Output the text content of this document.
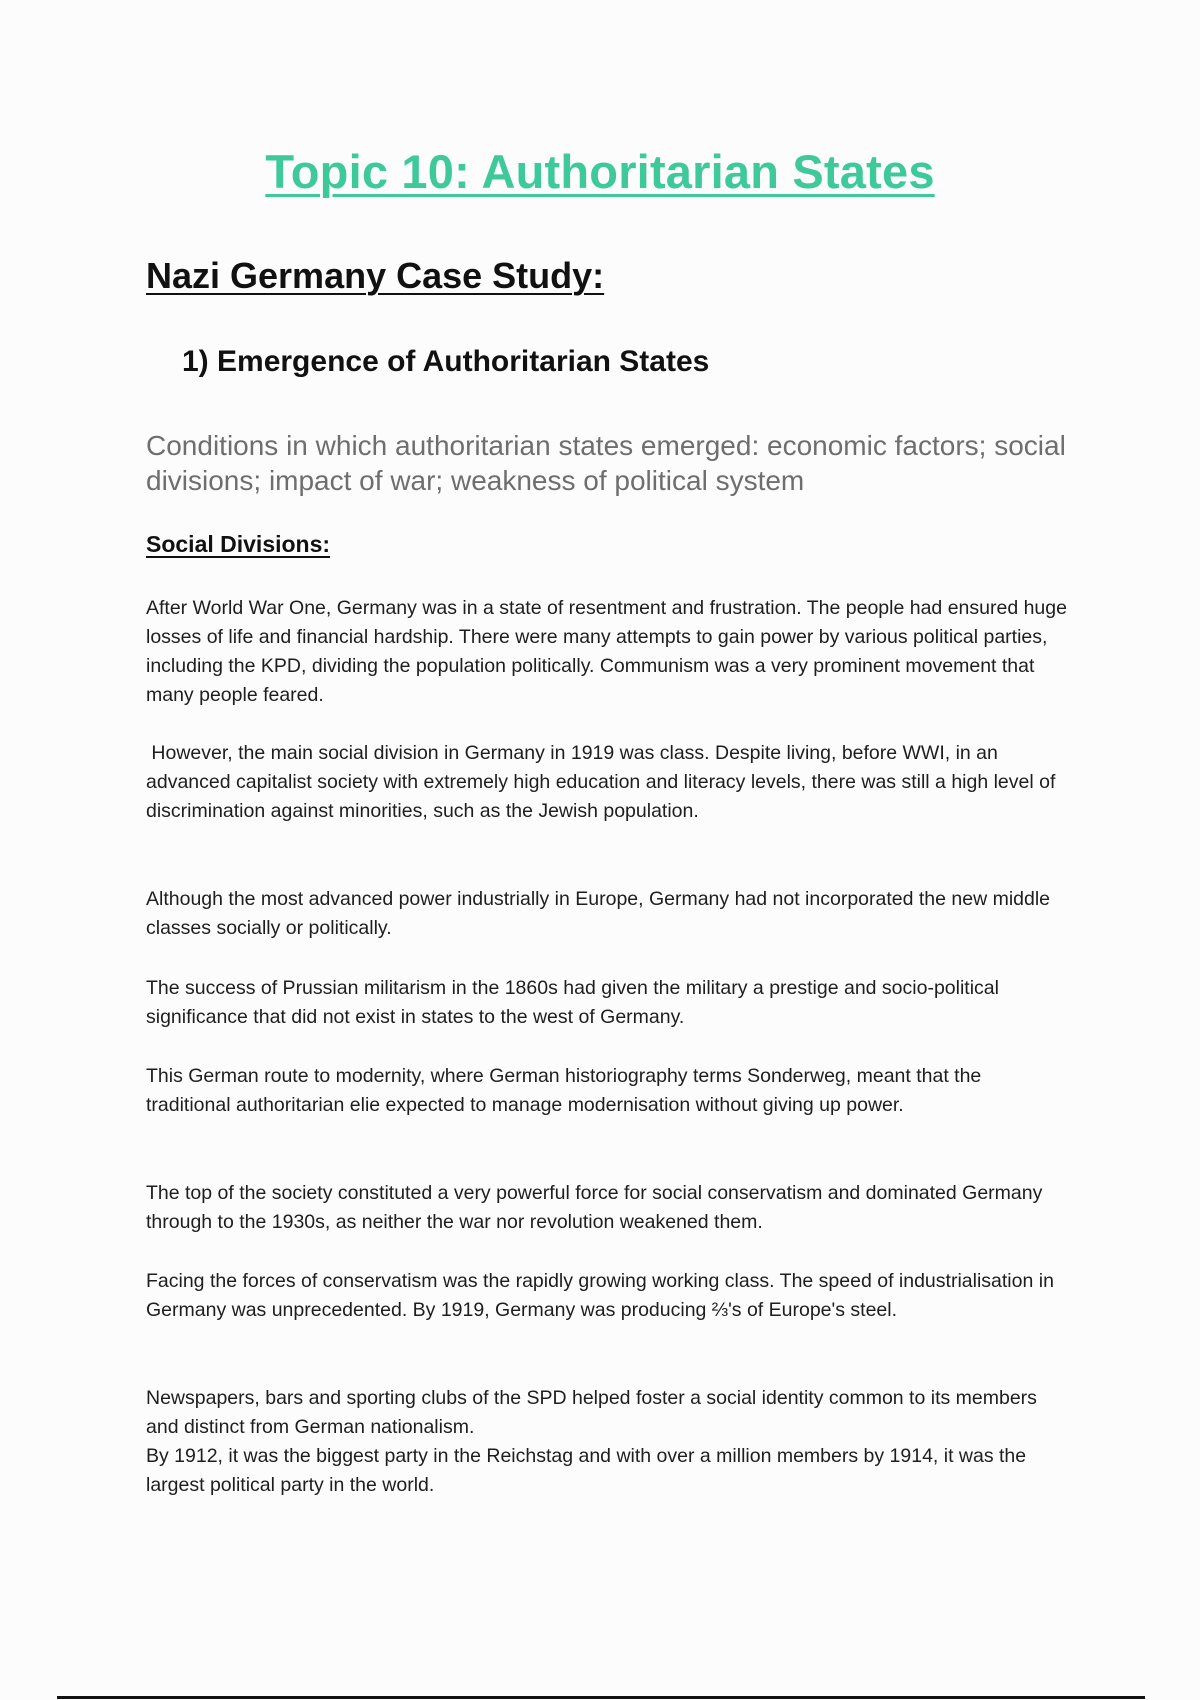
Topic 10: Authoritarian States
Nazi Germany Case Study:
1) Emergence of Authoritarian States

Conditions in which authoritarian states emerged: economic factors; social divisions; impact of war; weakness of political system

Social Divisions:

After World War One, Germany was in a state of resentment and frustration. The people had ensured huge losses of life and financial hardship. There were many attempts to gain power by various political parties, including the KPD, dividing the population politically. Communism was a very prominent movement that many people feared.

However, the main social division in Germany in 1919 was class. Despite living, before WWI, in an advanced capitalist society with extremely high education and literacy levels, there was still a high level of discrimination against minorities, such as the Jewish population.

Although the most advanced power industrially in Europe, Germany had not incorporated the new middle classes socially or politically.

The success of Prussian militarism in the 1860s had given the military a prestige and socio-political significance that did not exist in states to the west of Germany.

This German route to modernity, where German historiography terms Sonderweg, meant that the traditional authoritarian elie expected to manage modernisation without giving up power.

The top of the society constituted a very powerful force for social conservatism and dominated Germany through to the 1930s, as neither the war nor revolution weakened them.

Facing the forces of conservatism was the rapidly growing working class. The speed of industrialisation in Germany was unprecedented. By 1919, Germany was producing ⅔'s of Europe's steel.

Newspapers, bars and sporting clubs of the SPD helped foster a social identity common to its members and distinct from German nationalism.

By 1912, it was the biggest party in the Reichstag and with over a million members by 1914, it was the largest political party in the world.
